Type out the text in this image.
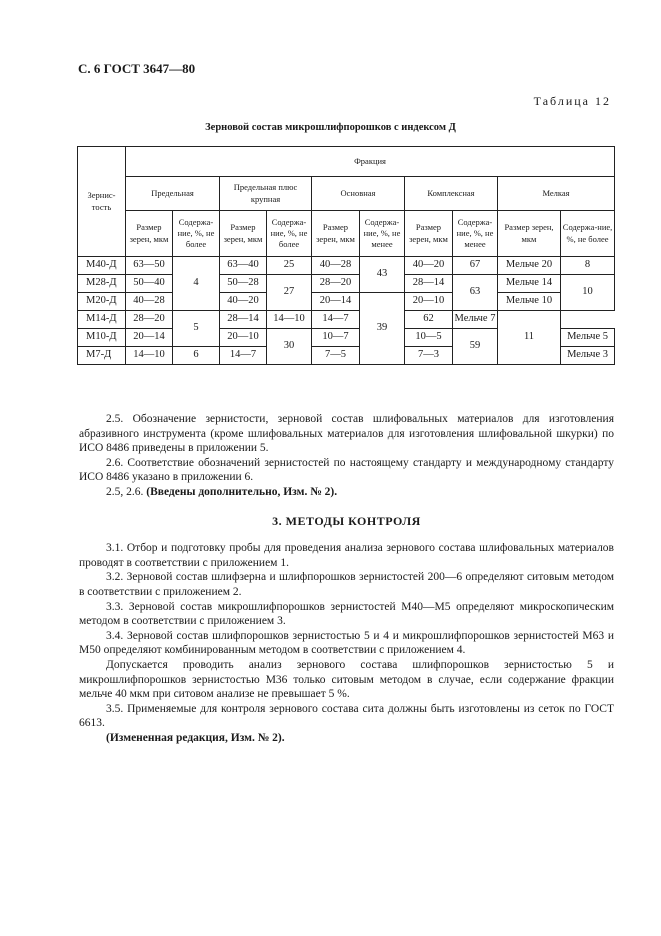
С. 6 ГОСТ 3647—80
Таблица 12
Зерновой состав микрошлифпорошков с индексом Д
Зернис-тость	Фракция									
	Предельная		Предельная плюс крупная		Основная		Комплексная		Мелкая	
	Размер зерен, мкм	Содержа-ние, %, не более	Размер зерен, мкм	Содержа-ние, %, не более	Размер зерен, мкм	Содержа-ние, %, не менее	Размер зерен, мкм	Содержа-ние, %, не менее	Размер зерен, мкм	Содержа-ние, %, не более
М40-Д	63—50	4	63—40	25	40—28	43	40—20	67	Мельче 20	8
М28-Д	50—40		50—28	27	28—20		28—14	63	Мельче 14	10
М20-Д	40—28		40—20		20—14	39	20—10		Мельче 10	
М14-Д	28—20	5	28—14	14—10	14—7		62	Мельче 7	11	
М10-Д	20—14		20—10	30	10—7		10—5	59		Мельче 5
М7-Д	14—10	6	14—7		7—5		7—3			Мельче 3

2.5. Обозначение зернистости, зерновой состав шлифовальных материалов для изготовления абразивного инструмента (кроме шлифовальных материалов для изготовления шлифовальной шкурки) по ИСО 8486 приведены в приложении 5.

2.6. Соответствие обозначений зернистостей по настоящему стандарту и международному стандарту ИСО 8486 указано в приложении 6.

2.5, 2.6. (Введены дополнительно, Изм. № 2).

3. МЕТОДЫ КОНТРОЛЯ

3.1. Отбор и подготовку пробы для проведения анализа зернового состава шлифовальных материалов проводят в соответствии с приложением 1.

3.2. Зерновой состав шлифзерна и шлифпорошков зернистостей 200—6 определяют ситовым методом в соответствии с приложением 2.

3.3. Зерновой состав микрошлифпорошков зернистостей М40—М5 определяют микроскопическим методом в соответствии с приложением 3.

3.4. Зерновой состав шлифпорошков зернистостью 5 и 4 и микрошлифпорошков зернистостей М63 и М50 определяют комбинированным методом в соответствии с приложением 4.

Допускается проводить анализ зернового состава шлифпорошков зернистостью 5 и микрошлифпорошков зернистостью М36 только ситовым методом в случае, если содержание фракции мельче 40 мкм при ситовом анализе не превышает 5 %.

3.5. Применяемые для контроля зернового состава сита должны быть изготовлены из сеток по ГОСТ 6613.

(Измененная редакция, Изм. № 2).
